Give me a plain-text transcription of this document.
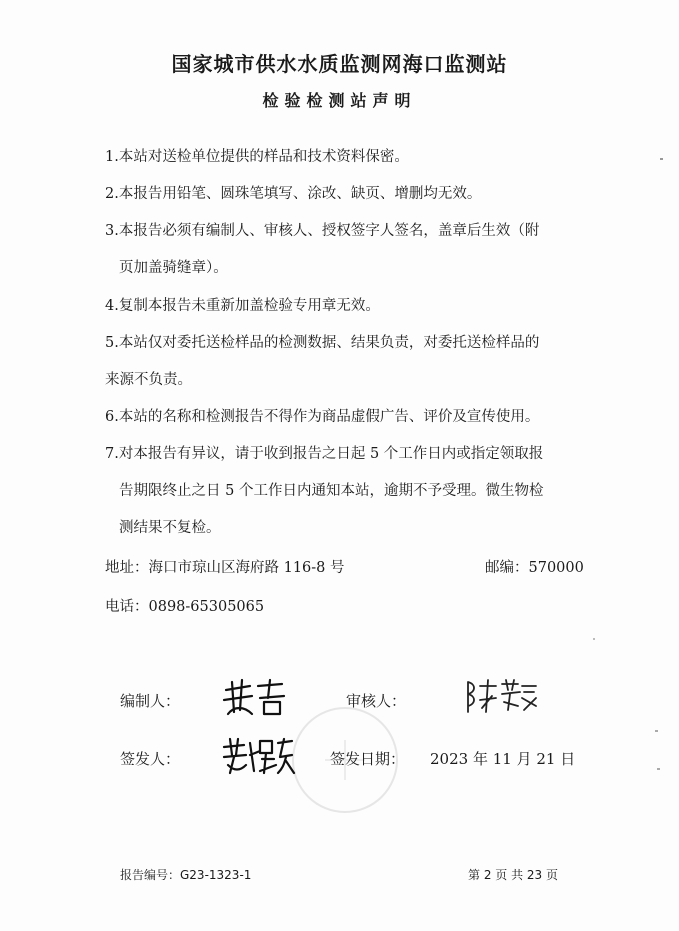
国家城市供水水质监测网海口监测站
检验检测站声明
1.本站对送检单位提供的样品和技术资料保密。
2.本报告用铅笔、圆珠笔填写、涂改、缺页、增删均无效。
3.本报告必须有编制人、审核人、授权签字人签名，盖章后生效（附
页加盖骑缝章）。
4.复制本报告未重新加盖检验专用章无效。
5.本站仅对委托送检样品的检测数据、结果负责，对委托送检样品的
来源不负责。
6.本站的名称和检测报告不得作为商品虚假广告、评价及宣传使用。
7.对本报告有异议，请于收到报告之日起 5 个工作日内或指定领取报
告期限终止之日 5 个工作日内通知本站，逾期不予受理。微生物检
测结果不复检。
地址：海口市琼山区海府路 116-8 号	邮编：570000
电话：0898-65305065
编制人：	审核人：
签发人：	签发日期： 2023 年 11 月 21 日
报告编号：G23-1323-1	第 2 页 共 23 页
